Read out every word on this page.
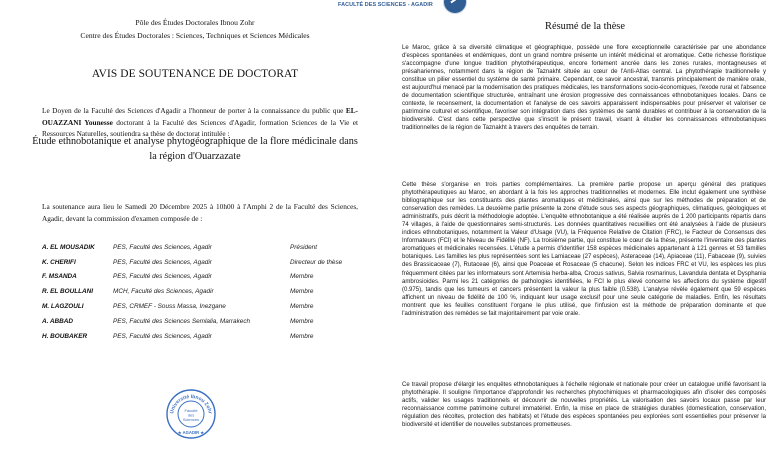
FACULTÉ DES SCIENCES - AGADIR
Pôle des Études Doctorales Ibnou Zohr
Centre des Études Doctorales : Sciences, Techniques et Sciences Médicales
AVIS DE SOUTENANCE DE DOCTORAT
Le Doyen de la Faculté des Sciences d'Agadir a l'honneur de porter à la connaissance du public que EL-OUAZZANI Younesse doctorant à la Faculté des Sciences d'Agadir, formation Sciences de la Vie et Ressources Naturelles, soutiendra sa thèse de doctorat intitulée :
Étude ethnobotanique et analyse phytogéographique de la flore médicinale dans la région d'Ouarzazate
La soutenance aura lieu le Samedi 20 Décembre 2025 à 10h00 à l'Amphi 2 de la Faculté des Sciences, Agadir, devant la commission d'examen composée de :
A. EL MOUSADIK	PES, Faculté des Sciences, Agadir	Président
K. CHERIFI	PES, Faculté des Sciences, Agadir	Directeur de thèse
F. MSANDA	PES, Faculté des Sciences, Agadir	Membre
R. EL BOULLANI	MCH, Faculté des Sciences, Agadir	Membre
M. LAGZOULI	PES, CRMEF - Souss Massa, Inezgane	Membre
A. ABBAD	PES, Faculté des Sciences Semlalia, Marrakech	Membre
H. BOUBAKER	PES, Faculté des Sciences, Agadir	Membre
Université Ibnou Zohr
Faculté
des
Sciences
★ AGADIR ★
Résumé de la thèse

Le Maroc, grâce à sa diversité climatique et géographique, possède une flore exceptionnelle caractérisée par une abondance d'espèces spontanées et endémiques, dont un grand nombre présente un intérêt médicinal et aromatique. Cette richesse floristique s'accompagne d'une longue tradition phytothérapeutique, encore fortement ancrée dans les zones rurales, montagneuses et présahariennes, notamment dans la région de Taznakht située au cœur de l'Anti-Atlas central. La phytothérapie traditionnelle y constitue un pilier essentiel du système de santé primaire. Cependant, ce savoir ancestral, transmis principalement de manière orale, est aujourd'hui menacé par la modernisation des pratiques médicales, les transformations socio-économiques, l'exode rural et l'absence de documentation scientifique structurée, entraînant une érosion progressive des connaissances ethnobotaniques locales. Dans ce contexte, le recensement, la documentation et l'analyse de ces savoirs apparaissent indispensables pour préserver et valoriser ce patrimoine culturel et scientifique, favoriser son intégration dans des systèmes de santé durables et contribuer à la conservation de la biodiversité. C'est dans cette perspective que s'inscrit le présent travail, visant à étudier les connaissances ethnobotaniques traditionnelles de la région de Taznakht à travers des enquêtes de terrain.

Cette thèse s'organise en trois parties complémentaires. La première partie propose un aperçu général des pratiques phytothérapeutiques au Maroc, en abordant à la fois les approches traditionnelles et modernes. Elle inclut également une synthèse bibliographique sur les constituants des plantes aromatiques et médicinales, ainsi que sur les méthodes de préparation et de conservation des remèdes. La deuxième partie présente la zone d'étude sous ses aspects géographiques, climatiques, géologiques et administratifs, puis décrit la méthodologie adoptée. L'enquête ethnobotanique a été réalisée auprès de 1 200 participants répartis dans 74 villages, à l'aide de questionnaires semi-structurés. Les données quantitatives recueillies ont été analysées à l'aide de plusieurs indices ethnobotaniques, notamment la Valeur d'Usage (VU), la Fréquence Relative de Citation (FRC), le Facteur de Consensus des Informateurs (FCI) et le Niveau de Fidélité (NF). La troisième partie, qui constitue le cœur de la thèse, présente l'inventaire des plantes aromatiques et médicinales recensées. L'étude a permis d'identifier 158 espèces médicinales appartenant à 121 genres et 53 familles botaniques. Les familles les plus représentées sont les Lamiaceae (27 espèces), Asteraceae (14), Apiaceae (11), Fabaceae (9), suivies des Brassicaceae (7), Rutaceae (6), ainsi que Poaceae et Rosaceae (5 chacune). Selon les indices FRC et VU, les espèces les plus fréquemment citées par les informateurs sont Artemisia herba-alba, Crocus sativus, Salvia rosmarinus, Lavandula dentata et Dysphania ambrosioides. Parmi les 21 catégories de pathologies identifiées, le FCI le plus élevé concerne les affections du système digestif (0.975), tandis que les tumeurs et cancers présentent la valeur la plus faible (0.538). L'analyse révèle également que 59 espèces affichent un niveau de fidélité de 100 %, indiquant leur usage exclusif pour une seule catégorie de maladies. Enfin, les résultats montrent que les feuilles constituent l'organe le plus utilisé, que l'infusion est la méthode de préparation dominante et que l'administration des remèdes se fait majoritairement par voie orale.

Ce travail propose d'élargir les enquêtes ethnobotaniques à l'échelle régionale et nationale pour créer un catalogue unifié favorisant la phytothérapie. Il souligne l'importance d'approfondir les recherches phytochimiques et pharmacologiques afin d'isoler des composés actifs, valider les usages traditionnels et découvrir de nouvelles propriétés. La valorisation des savoirs locaux passe par leur reconnaissance comme patrimoine culturel immatériel. Enfin, la mise en place de stratégies durables (domestication, conservation, régulation des récoltes, protection des habitats) et l'étude des espèces spontanées peu explorées sont essentielles pour préserver la biodiversité et identifier de nouvelles substances prometteuses.
